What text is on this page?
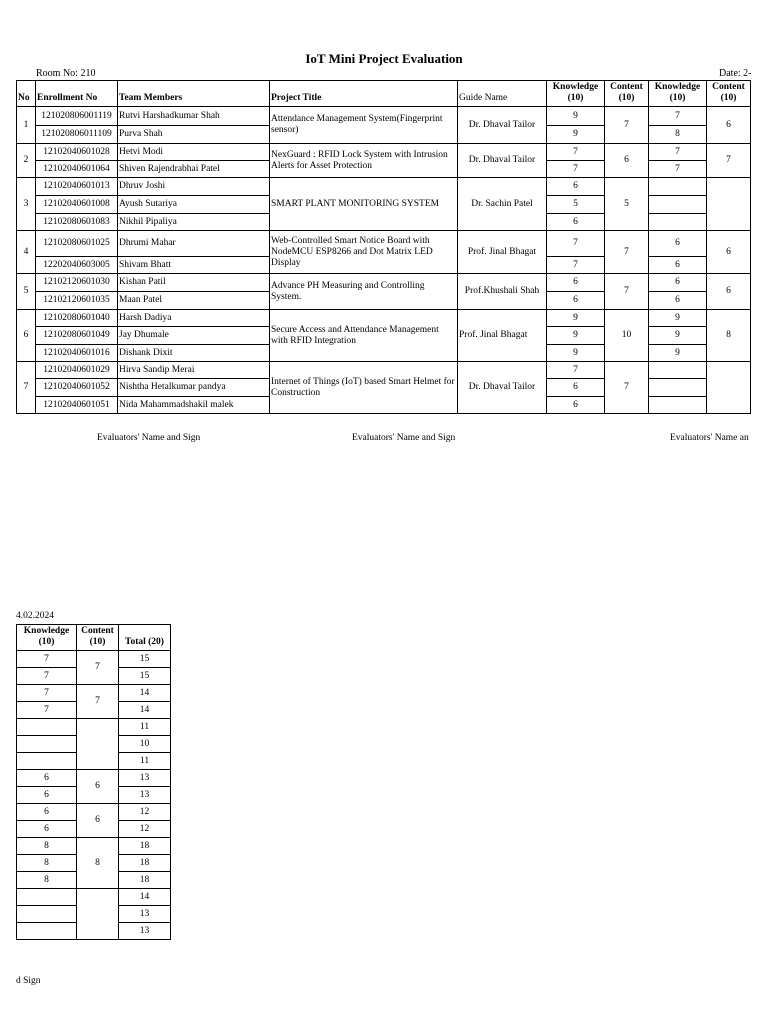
IoT Mini Project Evaluation
Room No: 210	Date: 2-
No	Enrollment No	Team Members	Project Title	Guide Name	Knowledge (10)	Content (10)	Knowledge (10)	Content (10)
1	121020806001119	Rutvi Harshadkumar Shah	Attendance Management System(Fingerprint sensor)	Dr. Dhaval Tailor	9	7	7	6
	121020806011109	Purva Shah			9		8	
2	12102040601028	Hetvi Modi	NexGuard : RFID Lock System with Intrusion Alerts for Asset Protection	Dr. Dhaval Tailor	7	6	7	7
	12102040601064	Shiven Rajendrabhai Patel			7		7	
3	12102040601013	Dhruv Joshi	SMART PLANT MONITORING SYSTEM	Dr. Sachin Patel	6	5		
	12102040601008	Ayush Sutariya			5			
	12102080601083	Nikhil Pipaliya			6			
4	12102080601025	Dhrumi Mahar	Web-Controlled Smart Notice Board with NodeMCU ESP8266 and Dot Matrix LED Display	Prof. Jinal Bhagat	7	7	6	6
	12202040603005	Shivam Bhatt			7		6	
5	12102120601030	Kishan Patil	Advance PH Measuring and Controlling System.	Prof.Khushali Shah	6	7	6	6
	12102120601035	Maan Patel			6		6	
6	12102080601040	Harsh Dadiya	Secure Access and Attendance Management with RFID Integration	Prof. Jinal Bhagat	9	10	9	8
	12102080601049	Jay Dhumale			9		9	
	12102040601016	Dishank Dixit			9		9	
7	12102040601029	Hirva Sandip Merai	Internet of Things (IoT) based Smart Helmet for Construction	Dr. Dhaval Tailor	7	7		
	12102040601052	Nishtha Hetalkumar pandya			6			
	12102040601051	Nida Mahammadshakil malek			6			
Evaluators' Name and Sign	Evaluators' Name and Sign	Evaluators' Name an
4.02.2024
Knowledge (10)	Content (10)	Total (20)
7	7	15
7		15
7	7	14
7		14
		11
		10
		11
6	6	13
6		13
6	6	12
6		12
8	8	18
8		18
8		18
		14
		13
		13
d Sign
